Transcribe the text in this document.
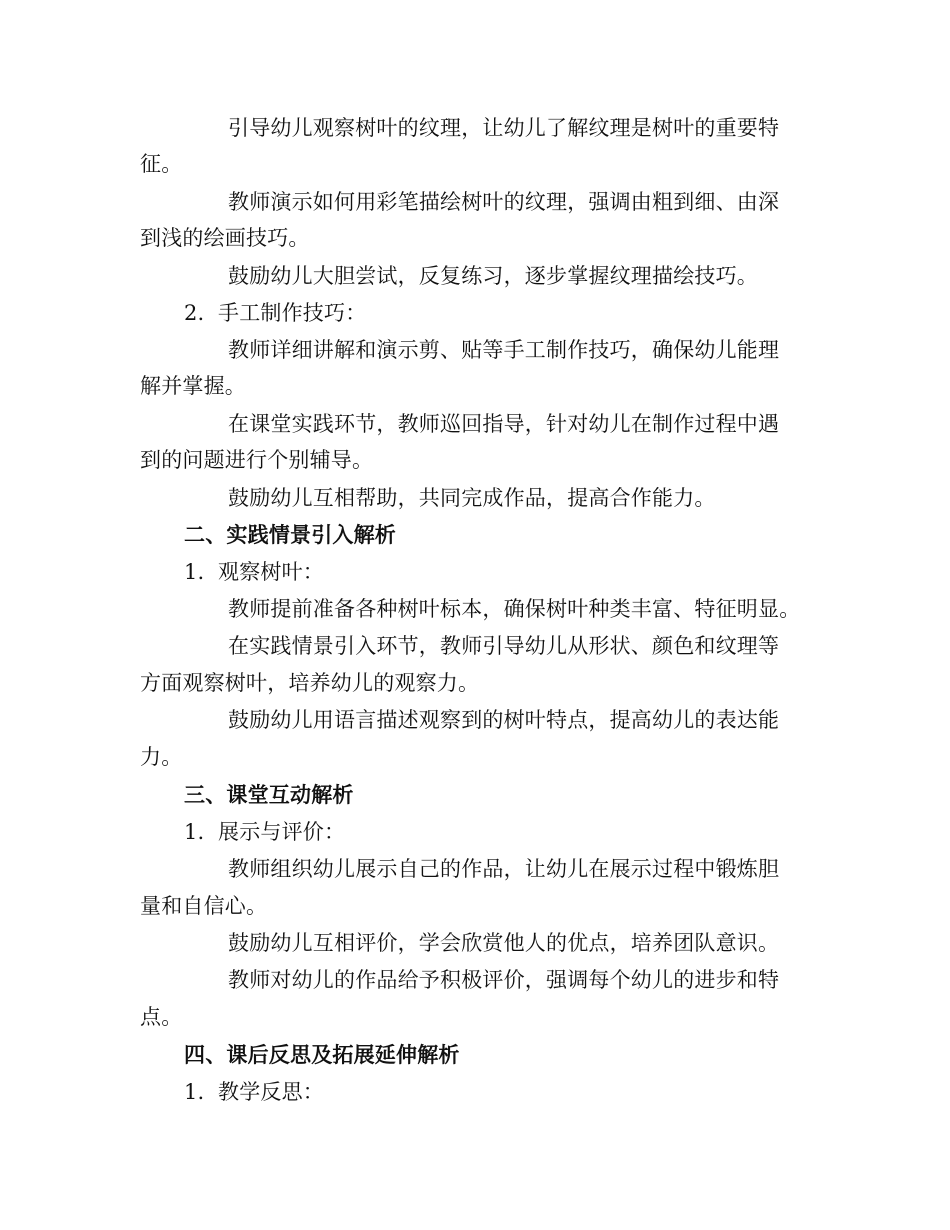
引导幼儿观察树叶的纹理，让幼儿了解纹理是树叶的重要特
征。
教师演示如何用彩笔描绘树叶的纹理，强调由粗到细、由深
到浅的绘画技巧。
鼓励幼儿大胆尝试，反复练习，逐步掌握纹理描绘技巧。
2. 手工制作技巧：
教师详细讲解和演示剪、贴等手工制作技巧，确保幼儿能理
解并掌握。
在课堂实践环节，教师巡回指导，针对幼儿在制作过程中遇
到的问题进行个别辅导。
鼓励幼儿互相帮助，共同完成作品，提高合作能力。
二、实践情景引入解析
1. 观察树叶：
教师提前准备各种树叶标本，确保树叶种类丰富、特征明显。
在实践情景引入环节，教师引导幼儿从形状、颜色和纹理等
方面观察树叶，培养幼儿的观察力。
鼓励幼儿用语言描述观察到的树叶特点，提高幼儿的表达能
力。
三、课堂互动解析
1. 展示与评价：
教师组织幼儿展示自己的作品，让幼儿在展示过程中锻炼胆
量和自信心。
鼓励幼儿互相评价，学会欣赏他人的优点，培养团队意识。
教师对幼儿的作品给予积极评价，强调每个幼儿的进步和特
点。
四、课后反思及拓展延伸解析
1. 教学反思：
